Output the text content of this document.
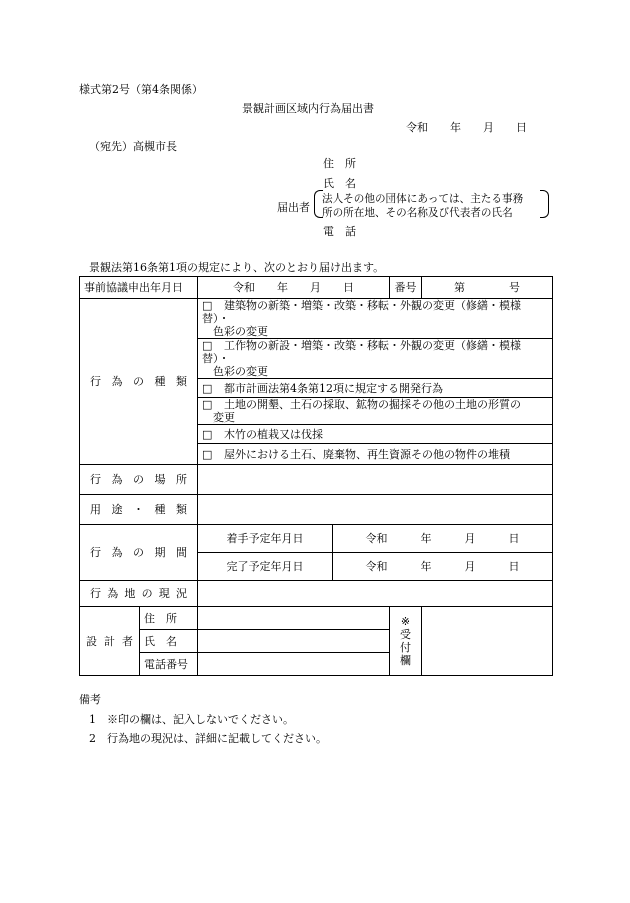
様式第2号（第4条関係）
景観計画区域内行為届出書
令和　　年　　月　　日
（宛先）高槻市長
住　所
氏　名
届出者
法人その他の団体にあっては、主たる事務
所の所在地、その名称及び代表者の氏名
電　話
景観法第16条第1項の規定により、次のとおり届け出ます。
事前協議申出年月日		令和　　年　　月　　日		番号	第　　　　号

行為の種類		□　 建築物の新築・増築・改築・移転・外観の変更（修繕・模様替）・
色彩の変更			

		□　 工作物の新設・増築・改築・移転・外観の変更（修繕・模様替）・
色彩の変更			

		□　 都市計画法第4条第12項に規定する開発行為			

		□　 土地の開墾、土石の採取、鉱物の掘採その他の土地の形質の
変更			

		□　 木竹の植栽又は伐採			
		□　 屋外における土石、廃棄物、再生資源その他の物件の堆積			

行為の場所					

用途・種類					

行為の期間		着手予定年月日	令和　　　年　　　月　　　日		
		完了予定年月日	令和　　　年　　　月　　　日		

行為地の現況					

設計者	住　所			※
受付欄	

	氏　名				
	電話番号				
備考
1　※印の欄は、記入しないでください。
2　行為地の現況は、詳細に記載してください。
